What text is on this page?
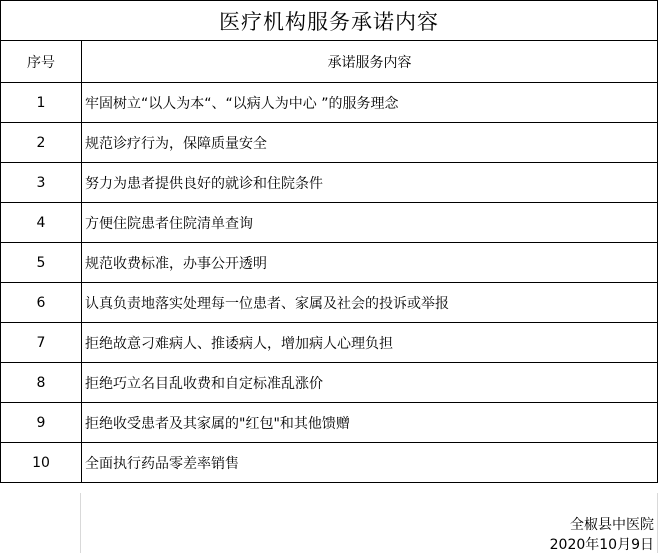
医疗机构服务承诺内容
序号	承诺服务内容
1	牢固树立“以人为本“、“以病人为中心 ”的服务理念
2	规范诊疗行为，保障质量安全
3	努力为患者提供良好的就诊和住院条件
4	方便住院患者住院清单查询
5	规范收费标准，办事公开透明
6	认真负责地落实处理每一位患者、家属及社会的投诉或举报
7	拒绝故意刁难病人、推诿病人，增加病人心理负担
8	拒绝巧立名目乱收费和自定标准乱涨价
9	拒绝收受患者及其家属的"红包"和其他馈赠
10	全面执行药品零差率销售
全椒县中医院
2020年10月9日
